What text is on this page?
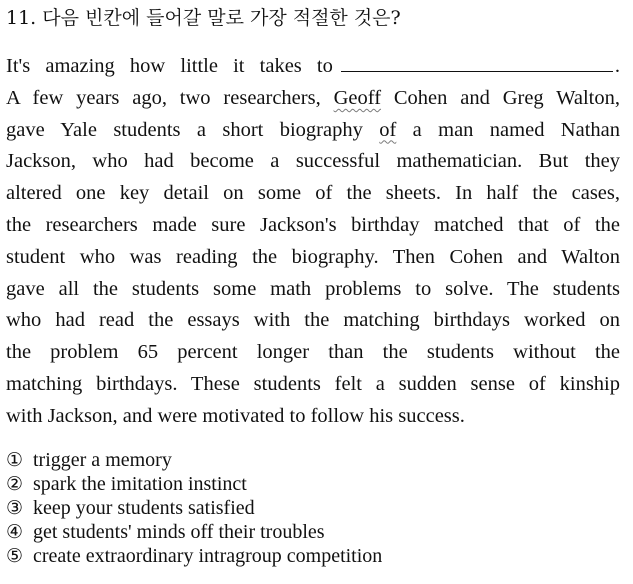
11. 다음 빈칸에 들어갈 말로 가장 적절한 것은?
It's amazing how little it takes to	.
A few years ago, two researchers, Geoff Cohen and Greg Walton,
gave Yale students a short biography of a man named Nathan
Jackson, who had become a successful mathematician. But they
altered one key detail on some of the sheets. In half the cases,
the researchers made sure Jackson's birthday matched that of the
student who was reading the biography. Then Cohen and Walton
gave all the students some math problems to solve. The students
who had read the essays with the matching birthdays worked on
the problem 65 percent longer than the students without the
matching birthdays. These students felt a sudden sense of kinship
with Jackson, and were motivated to follow his success.
① trigger a memory
② spark the imitation instinct
③ keep your students satisfied
④ get students' minds off their troubles
⑤ create extraordinary intragroup competition
